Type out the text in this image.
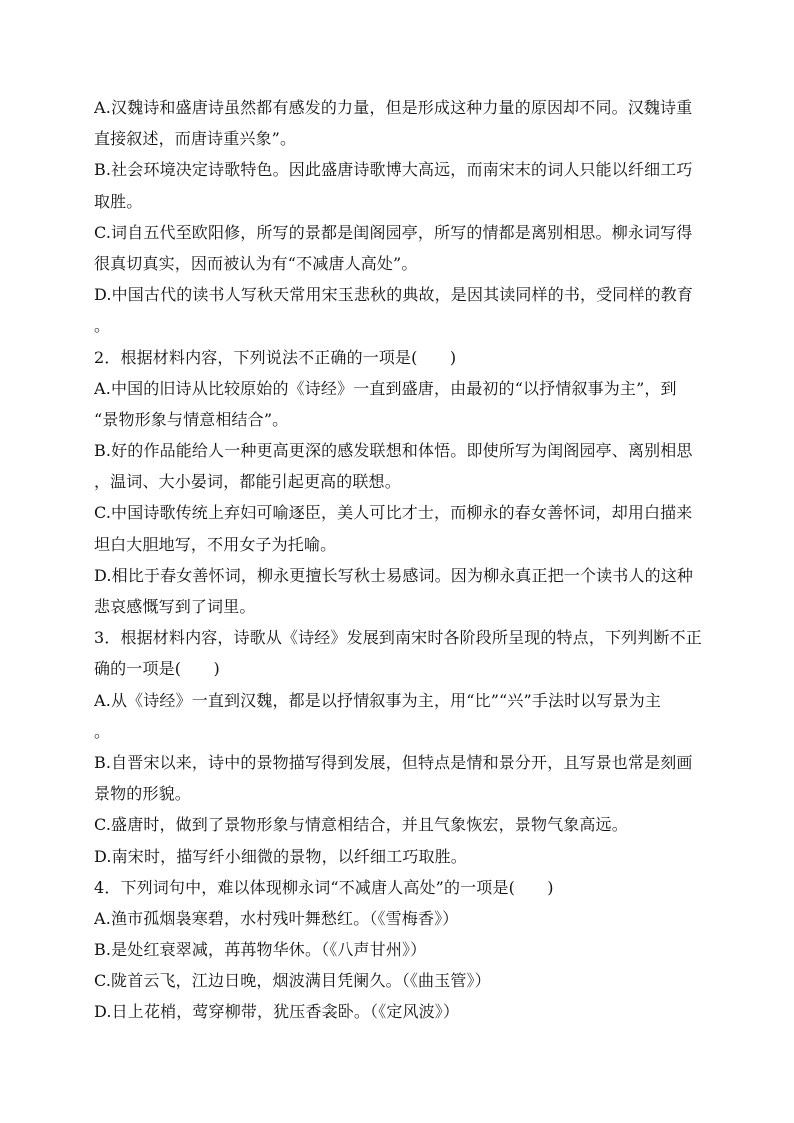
A.汉魏诗和盛唐诗虽然都有感发的力量，但是形成这种力量的原因却不同。汉魏诗重
直接叙述，而唐诗重兴象”。
B.社会环境决定诗歌特色。因此盛唐诗歌博大高远，而南宋末的词人只能以纤细工巧
取胜。
C.词自五代至欧阳修，所写的景都是闺阁园亭，所写的情都是离别相思。柳永词写得
很真切真实，因而被认为有“不减唐人高处”。
D.中国古代的读书人写秋天常用宋玉悲秋的典故，是因其读同样的书，受同样的教育
。
2．根据材料内容，下列说法不正确的一项是(　　)
A.中国的旧诗从比较原始的《诗经》一直到盛唐，由最初的“以抒情叙事为主”，到
“景物形象与情意相结合”。
B.好的作品能给人一种更高更深的感发联想和体悟。即使所写为闺阁园亭、离别相思
，温词、大小晏词，都能引起更高的联想。
C.中国诗歌传统上弃妇可喻逐臣，美人可比才士，而柳永的春女善怀词，却用白描来
坦白大胆地写，不用女子为托喻。
D.相比于春女善怀词，柳永更擅长写秋士易感词。因为柳永真正把一个读书人的这种
悲哀感慨写到了词里。
3．根据材料内容，诗歌从《诗经》发展到南宋时各阶段所呈现的特点，下列判断不正
确的一项是(　　)
A.从《诗经》一直到汉魏，都是以抒情叙事为主，用“比”“兴”手法时以写景为主
。
B.自晋宋以来，诗中的景物描写得到发展，但特点是情和景分开，且写景也常是刻画
景物的形貌。
C.盛唐时，做到了景物形象与情意相结合，并且气象恢宏，景物气象高远。
D.南宋时，描写纤小细微的景物，以纤细工巧取胜。
4．下列词句中，难以体现柳永词“不减唐人高处”的一项是(　　)
A.渔市孤烟袅寒碧，水村残叶舞愁红。（《雪梅香》）
B.是处红衰翠减，苒苒物华休。（《八声甘州》）
C.陇首云飞，江边日晚，烟波满目凭阑久。（《曲玉管》）
D.日上花梢，莺穿柳带，犹压香衾卧。（《定风波》）
